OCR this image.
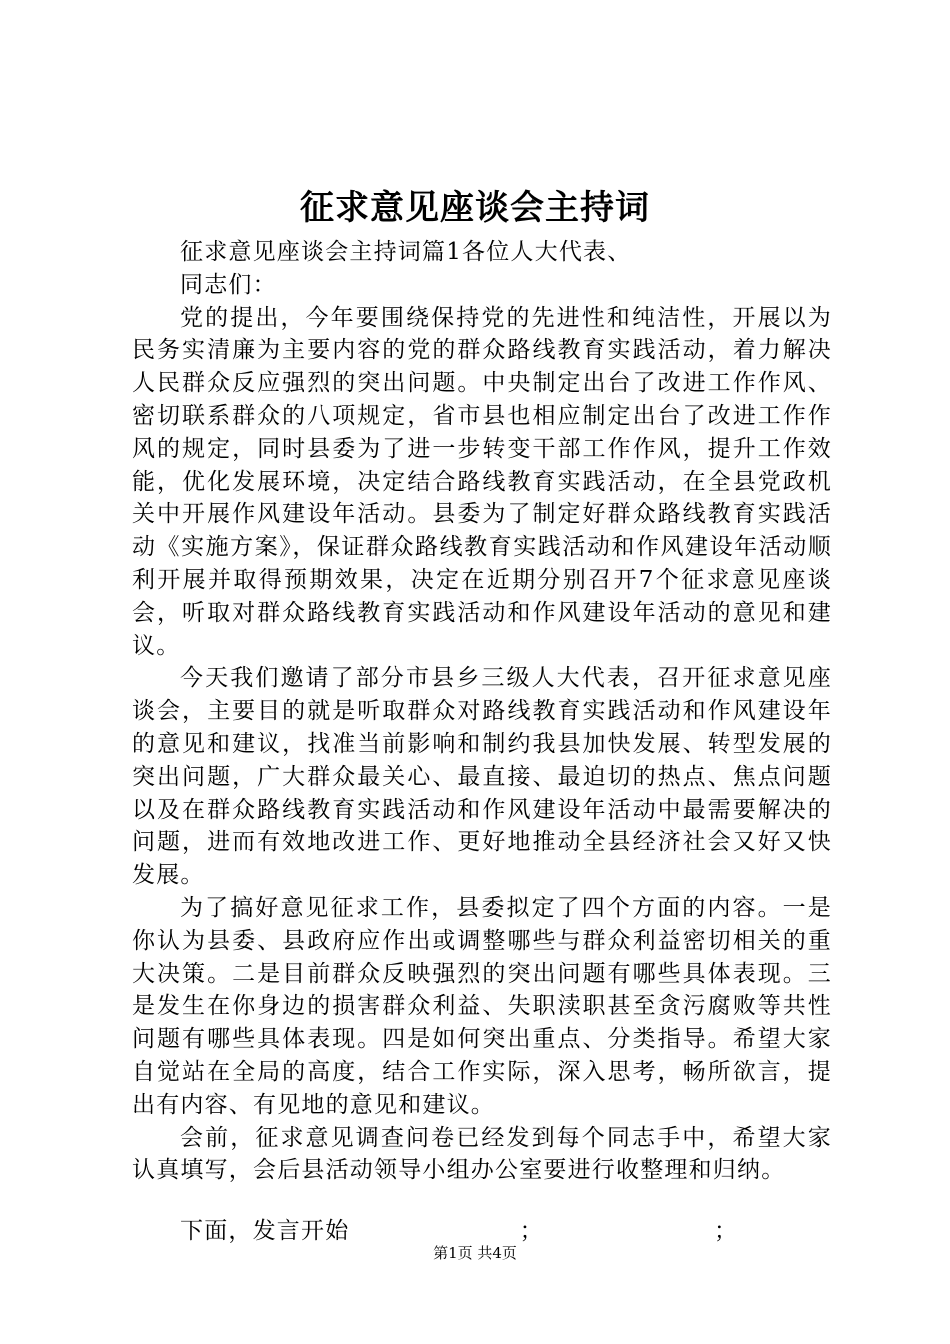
征求意见座谈会主持词

征求意见座谈会主持词篇1各位人大代表、

同志们：

党的提出，今年要围绕保持党的先进性和纯洁性，开展以为民务实清廉为主要内容的党的群众路线教育实践活动，着力解决人民群众反应强烈的突出问题。中央制定出台了改进工作作风、密切联系群众的八项规定，省市县也相应制定出台了改进工作作风的规定，同时县委为了进一步转变干部工作作风，提升工作效能，优化发展环境，决定结合路线教育实践活动，在全县党政机关中开展作风建设年活动。县委为了制定好群众路线教育实践活动《实施方案》，保证群众路线教育实践活动和作风建设年活动顺利开展并取得预期效果，决定在近期分别召开7个征求意见座谈会，听取对群众路线教育实践活动和作风建设年活动的意见和建议。

今天我们邀请了部分市县乡三级人大代表，召开征求意见座谈会，主要目的就是听取群众对路线教育实践活动和作风建设年的意见和建议，找准当前影响和制约我县加快发展、转型发展的突出问题，广大群众最关心、最直接、最迫切的热点、焦点问题以及在群众路线教育实践活动和作风建设年活动中最需要解决的问题，进而有效地改进工作、更好地推动全县经济社会又好又快发展。

为了搞好意见征求工作，县委拟定了四个方面的内容。一是你认为县委、县政府应作出或调整哪些与群众利益密切相关的重大决策。二是目前群众反映强烈的突出问题有哪些具体表现。三是发生在你身边的损害群众利益、失职渎职甚至贪污腐败等共性问题有哪些具体表现。四是如何突出重点、分类指导。希望大家自觉站在全局的高度，结合工作实际，深入思考，畅所欲言，提出有内容、有见地的意见和建议。

会前，征求意见调查问卷已经发到每个同志手中，希望大家认真填写，会后县活动领导小组办公室要进行收整理和归纳。

下面，发言开始                    ；                    ；

第1页 共4页
